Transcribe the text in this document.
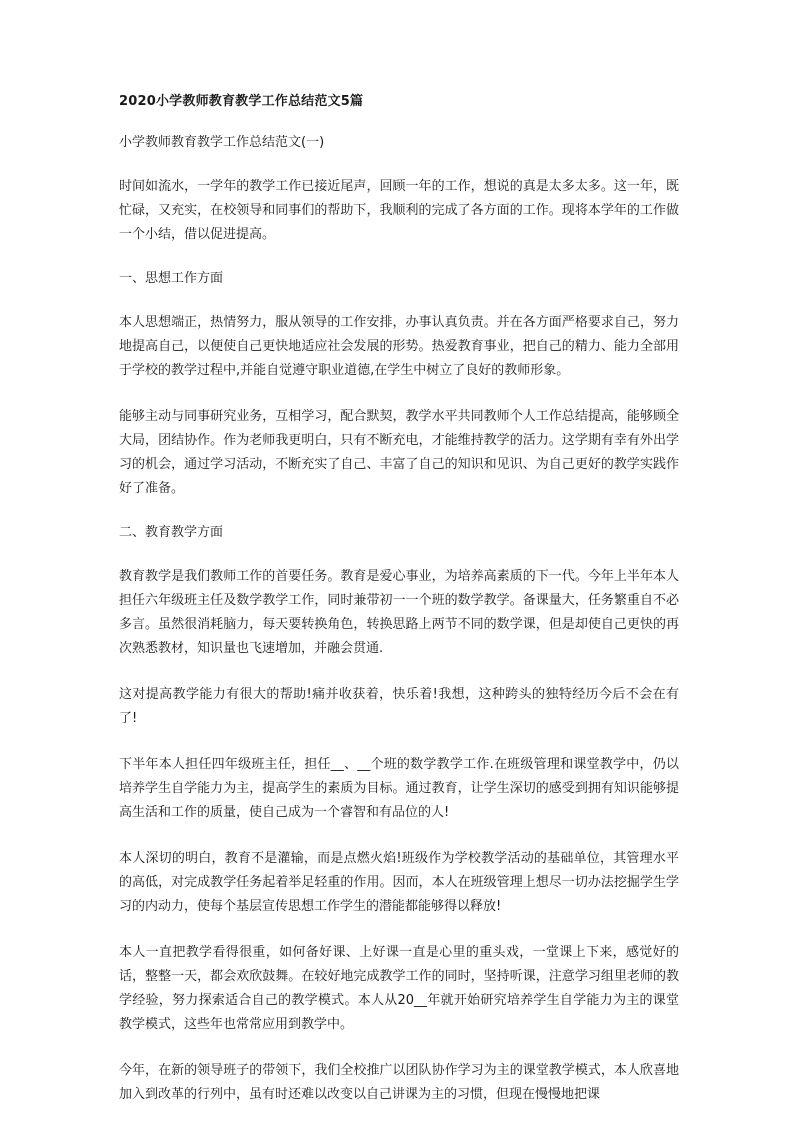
2020小学教师教育教学工作总结范文5篇
小学教师教育教学工作总结范文(一)
时间如流水，一学年的教学工作已接近尾声，回顾一年的工作，想说的真是太多太多。这一年，既忙碌，又充实，在校领导和同事们的帮助下，我顺利的完成了各方面的工作。现将本学年的工作做一个小结，借以促进提高。
一、思想工作方面
本人思想端正，热情努力，服从领导的工作安排，办事认真负责。并在各方面严格要求自己，努力地提高自己，以便使自己更快地适应社会发展的形势。热爱教育事业，把自己的精力、能力全部用于学校的教学过程中,并能自觉遵守职业道德,在学生中树立了良好的教师形象。
能够主动与同事研究业务，互相学习，配合默契，教学水平共同教师个人工作总结提高，能够顾全大局，团结协作。作为老师我更明白，只有不断充电，才能维持教学的活力。这学期有幸有外出学习的机会，通过学习活动，不断充实了自己、丰富了自己的知识和见识、为自己更好的教学实践作好了准备。
二、教育教学方面
教育教学是我们教师工作的首要任务。教育是爱心事业，为培养高素质的下一代。今年上半年本人担任六年级班主任及数学教学工作，同时兼带初一一个班的数学教学。备课量大，任务繁重自不必多言。虽然很消耗脑力，每天要转换角色，转换思路上两节不同的数学课，但是却使自己更快的再次熟悉教材，知识量也飞速增加，并融会贯通.
这对提高教学能力有很大的帮助!痛并收获着，快乐着!我想，这种跨头的独特经历今后不会在有了!
下半年本人担任四年级班主任，担任__、__个班的数学教学工作.在班级管理和课堂教学中，仍以培养学生自学能力为主，提高学生的素质为目标。通过教育，让学生深切的感受到拥有知识能够提高生活和工作的质量，使自己成为一个睿智和有品位的人!
本人深切的明白，教育不是灌输，而是点燃火焰!班级作为学校教学活动的基础单位，其管理水平的高低，对完成教学任务起着举足轻重的作用。因而，本人在班级管理上想尽一切办法挖掘学生学习的内动力，使每个基层宣传思想工作学生的潜能都能够得以释放!
本人一直把教学看得很重，如何备好课、上好课一直是心里的重头戏，一堂课上下来，感觉好的话，整整一天，都会欢欣鼓舞。在较好地完成教学工作的同时，坚持听课，注意学习组里老师的教学经验，努力探索适合自己的教学模式。本人从20__年就开始研究培养学生自学能力为主的课堂教学模式，这些年也常常应用到教学中。
今年，在新的领导班子的带领下，我们全校推广以团队协作学习为主的课堂教学模式，本人欣喜地加入到改革的行列中，虽有时还难以改变以自己讲课为主的习惯，但现在慢慢地把课
